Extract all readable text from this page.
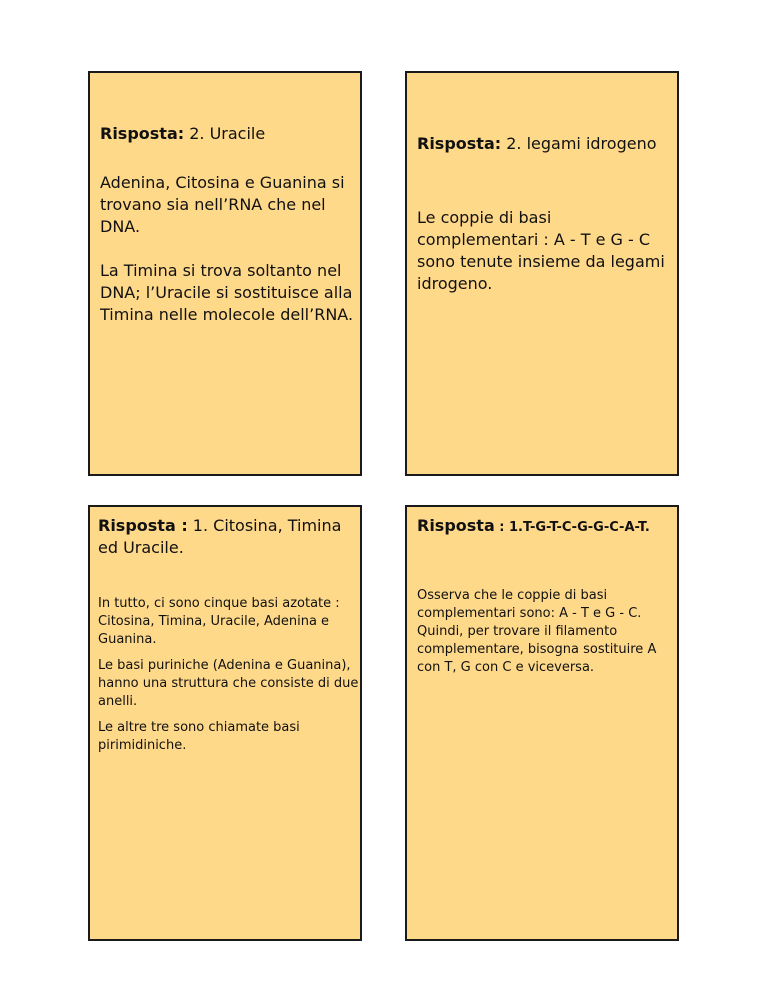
Risposta: 2. Uracile

Adenina, Citosina e Guanina si trovano sia nell’RNA che nel DNA.

La Timina si trova soltanto nel DNA; l’Uracile si sostituisce alla Timina nelle molecole dell’RNA.

Risposta: 2. legami idrogeno

Le coppie di basi complementari : A - T e G - C sono tenute insieme da legami idrogeno.

Risposta : 1. Citosina, Timina ed Uracile.

In tutto, ci sono cinque basi azotate : Citosina, Timina, Uracile, Adenina e Guanina.

Le basi puriniche (Adenina e Guanina), hanno una struttura che consiste di due anelli.

Le altre tre sono chiamate basi pirimidiniche.

Risposta : 1.T-G-T-C-G-G-C-A-T.

Osserva che le coppie di basi complementari sono: A - T e G - C. Quindi, per trovare il filamento complementare, bisogna sostituire A con T, G con C e viceversa.
